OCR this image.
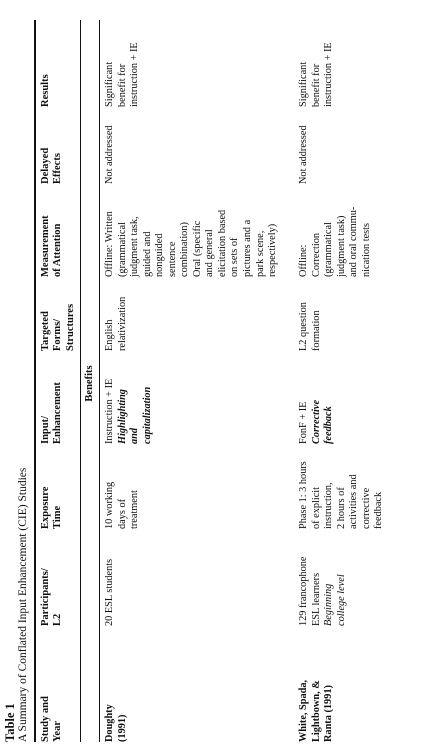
Table 1 A Summary of Conflated Input Enhancement (CIE) Studies Study and Year
Participants/ L2
Exposure Time
Input/ Enhancement
Targeted Forms/ Structures
Measurement of Attention
Delayed Effects
Results
Benefits
Doughty (1991)
20 ESL students
10 working days of treatment
Instruction + IE Highlighting and capitalization
English relativization
Offline: Written (grammatical judgment task, guided and nonguided sentence combination) Oral (specific and general elicitation based on sets of pictures and a park scene, respectively)
Not addressed
Significant benefit for instruction + IE
White, Spada, Lightbown, & Ranta (1991)
129 francophone ESL learners Beginning college level
Phase 1: 3 hours of explicit instruction, 2 hours of activities and corrective feedback
FonF + IE Corrective feedback
L2 question formation
Offline: Correction (grammatical judgment task) and oral commu- nication tests
Not addressed
Significant benefit for instruction + IE
